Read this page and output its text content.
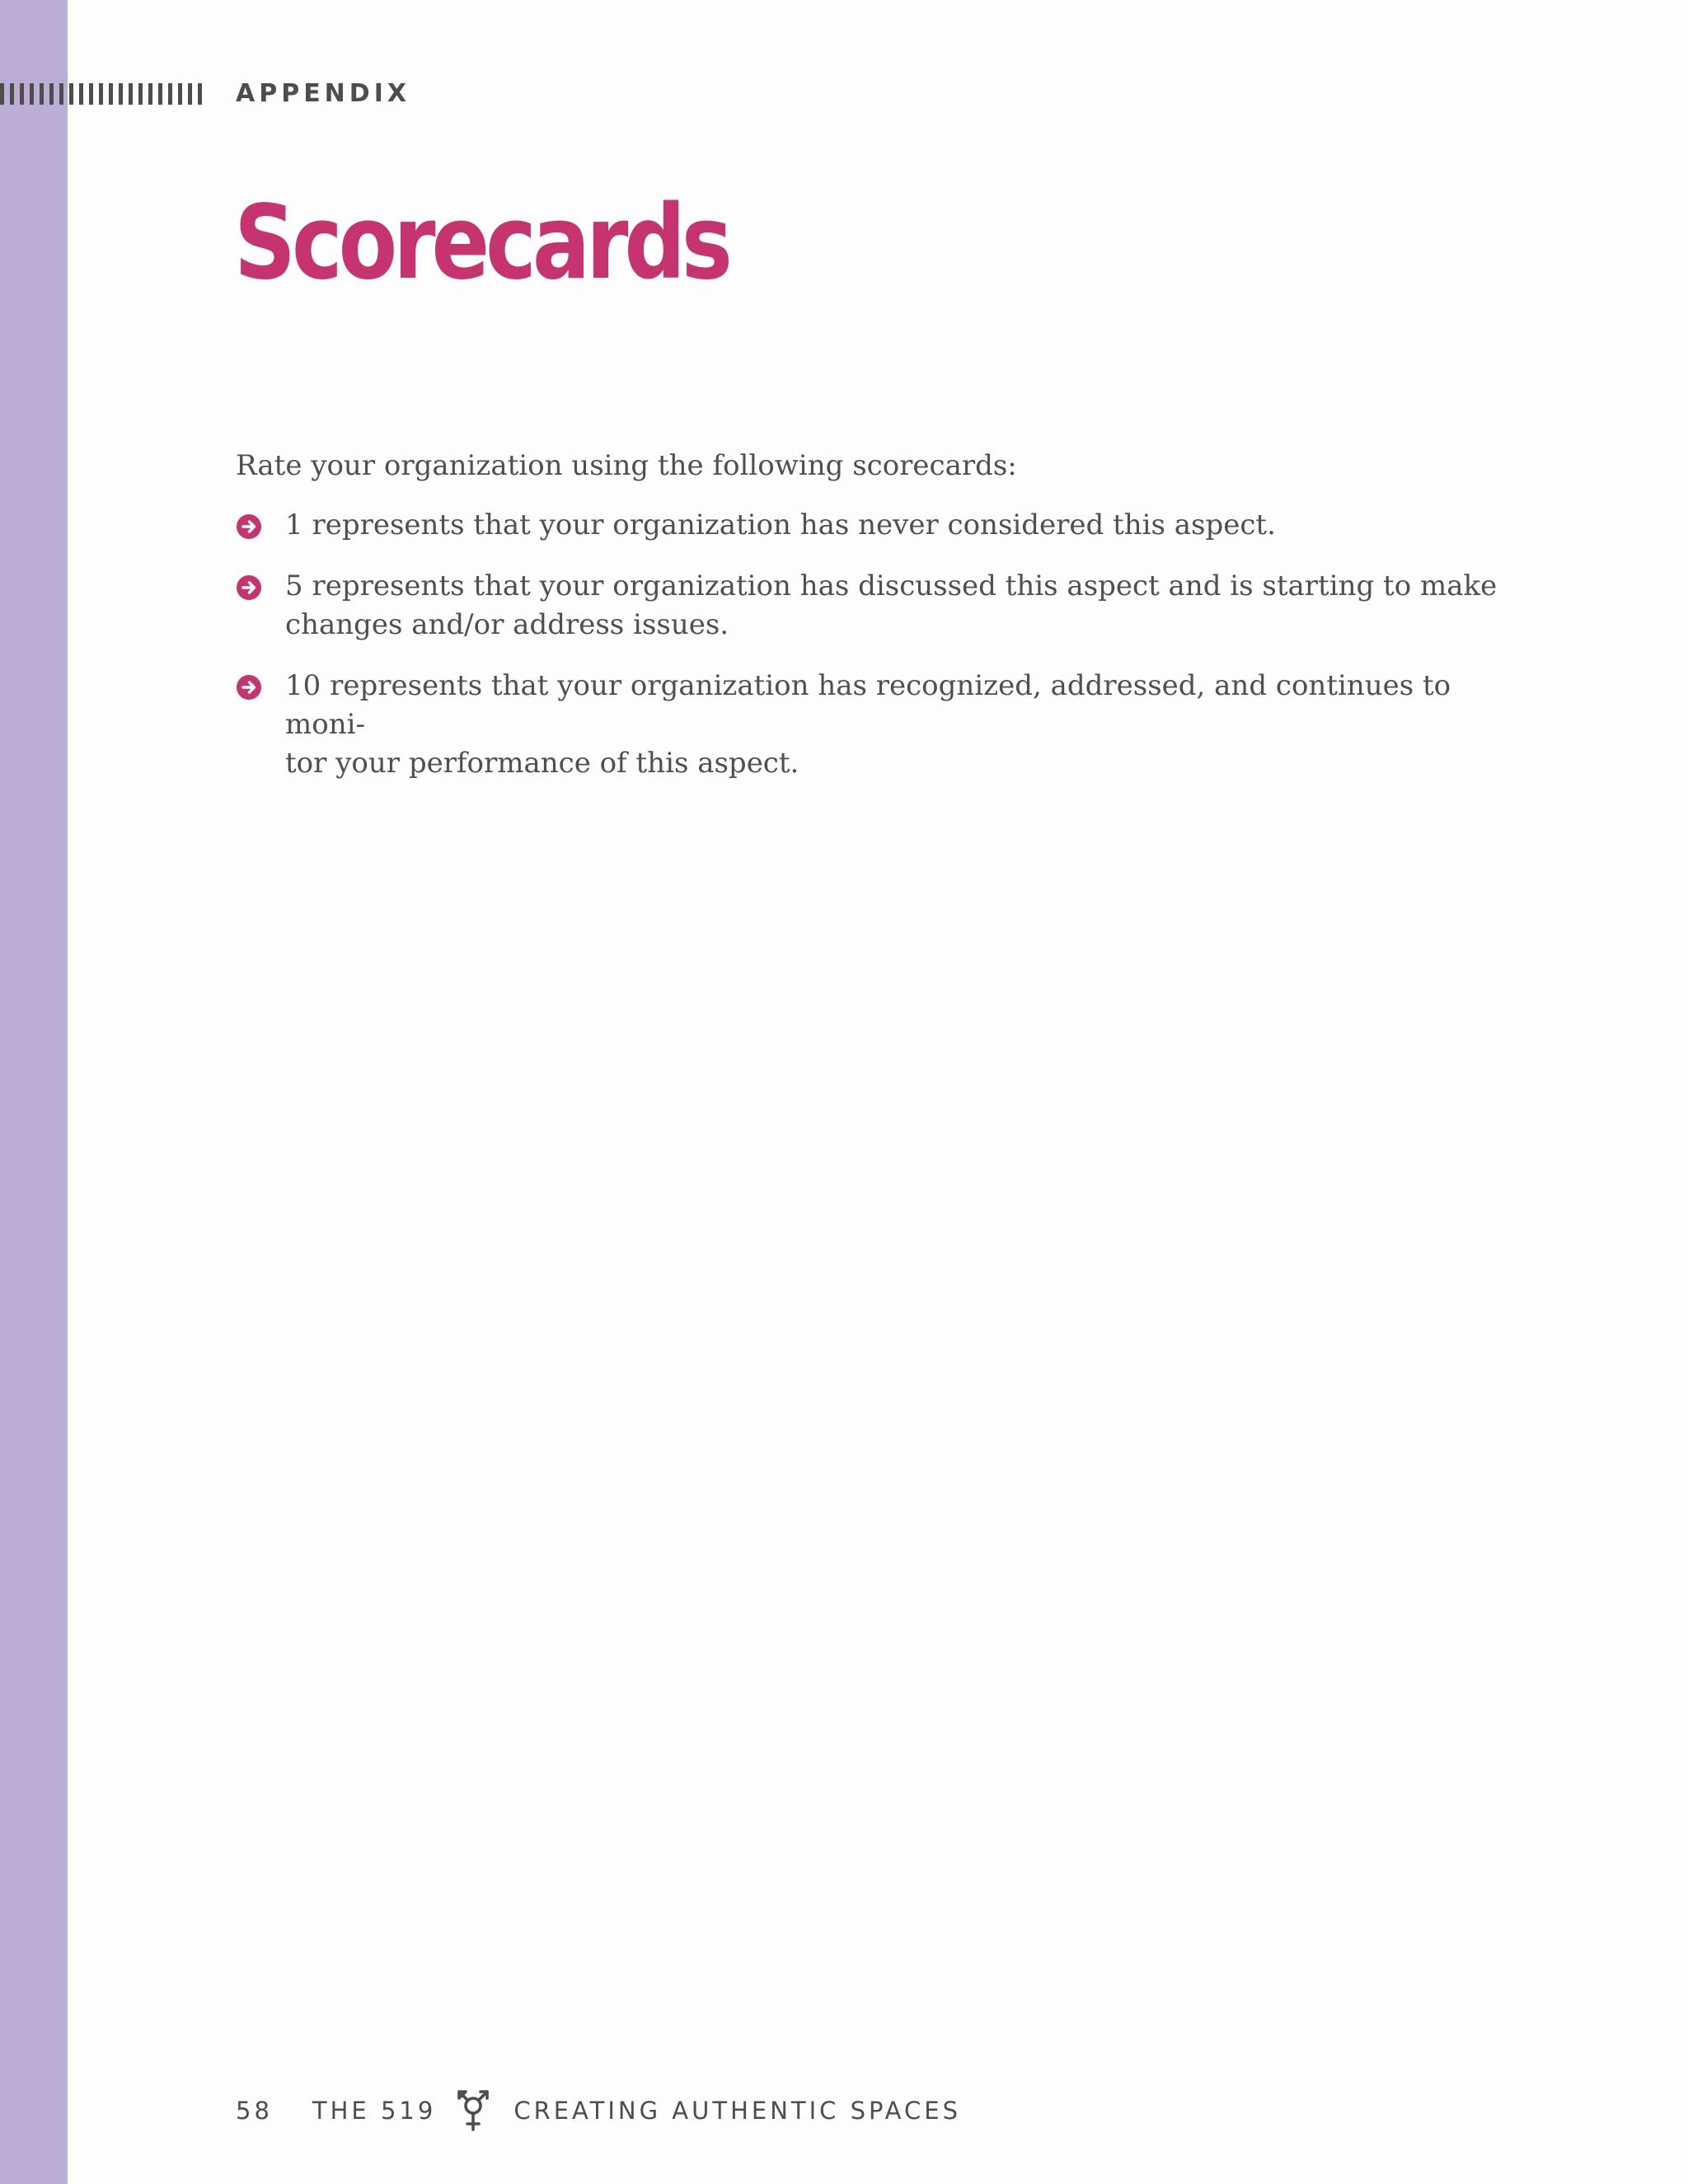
APPENDIX
Scorecards

Rate your organization using the following scorecards:

1 represents that your organization has never considered this aspect.
5 represents that your organization has discussed this aspect and is starting to make
changes and/or address issues.
10 represents that your organization has recognized, addressed, and continues to moni-
tor your performance of this aspect.
58 THE 519	CREATING AUTHENTIC SPACES
